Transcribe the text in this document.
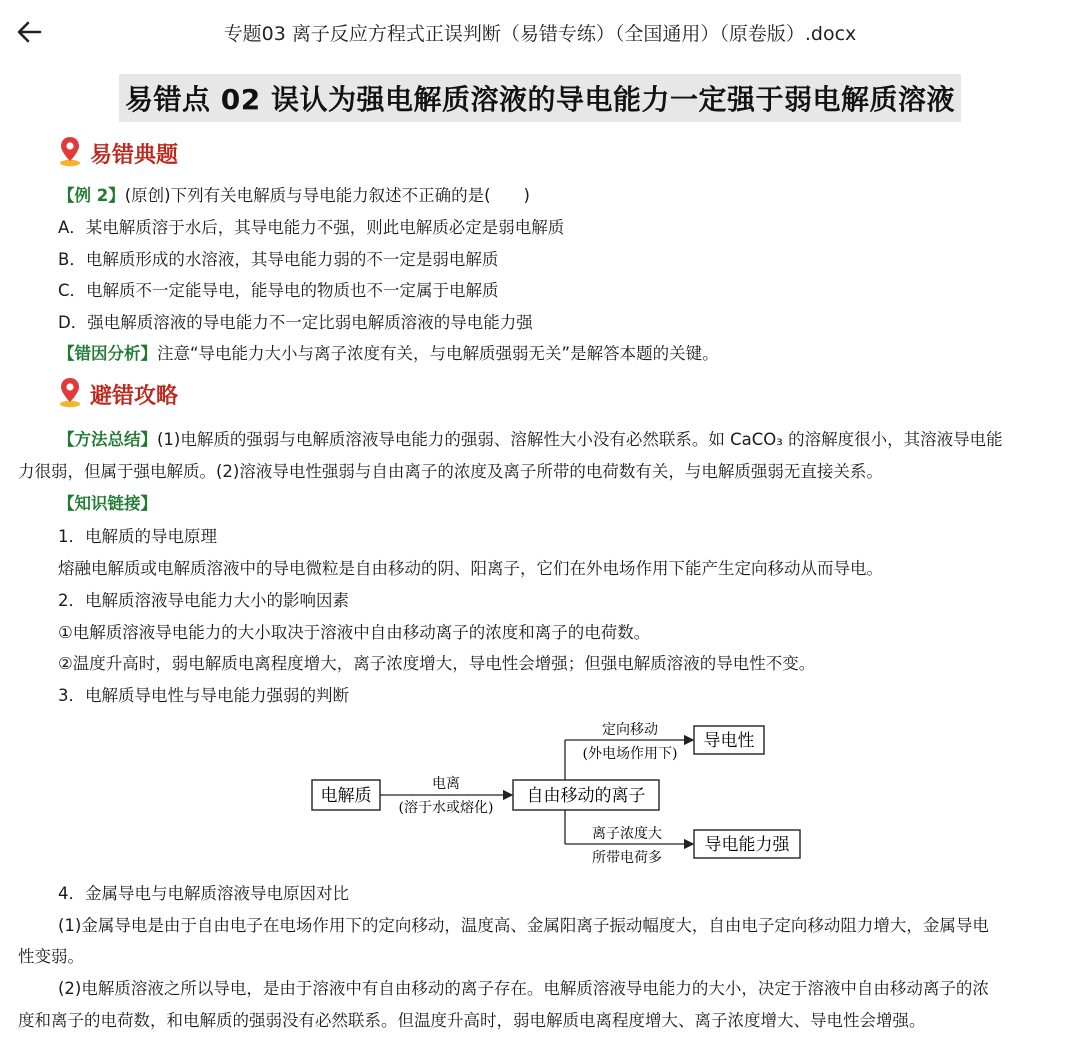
专题03 离子反应方程式正误判断（易错专练）（全国通用）（原卷版）.docx
易错点 02 误认为强电解质溶液的导电能力一定强于弱电解质溶液
易错典题
【例 2】(原创)下列有关电解质与导电能力叙述不正确的是(　　)
A．某电解质溶于水后，其导电能力不强，则此电解质必定是弱电解质
B．电解质形成的水溶液，其导电能力弱的不一定是弱电解质
C．电解质不一定能导电，能导电的物质也不一定属于电解质
D．强电解质溶液的导电能力不一定比弱电解质溶液的导电能力强
【错因分析】注意“导电能力大小与离子浓度有关，与电解质强弱无关”是解答本题的关键。
避错攻略
【方法总结】(1)电解质的强弱与电解质溶液导电能力的强弱、溶解性大小没有必然联系。如 CaCO₃ 的溶解度很小，其溶液导电能
力很弱，但属于强电解质。(2)溶液导电性强弱与自由离子的浓度及离子所带的电荷数有关，与电解质强弱无直接关系。
【知识链接】
1．电解质的导电原理
熔融电解质或电解质溶液中的导电微粒是自由移动的阴、阳离子，它们在外电场作用下能产生定向移动从而导电。
2．电解质溶液导电能力大小的影响因素
①电解质溶液导电能力的大小取决于溶液中自由移动离子的浓度和离子的电荷数。
②温度升高时，弱电解质电离程度增大，离子浓度增大，导电性会增强；但强电解质溶液的导电性不变。
3．电解质导电性与导电能力强弱的判断
电解质
电离
(溶于水或熔化)
自由移动的离子
定向移动
(外电场作用下)
导电性
离子浓度大
所带电荷多
导电能力强
4．金属导电与电解质溶液导电原因对比
(1)金属导电是由于自由电子在电场作用下的定向移动，温度高、金属阳离子振动幅度大，自由电子定向移动阻力增大，金属导电
性变弱。
(2)电解质溶液之所以导电，是由于溶液中有自由移动的离子存在。电解质溶液导电能力的大小，决定于溶液中自由移动离子的浓
度和离子的电荷数，和电解质的强弱没有必然联系。但温度升高时，弱电解质电离程度增大、离子浓度增大、导电性会增强。
